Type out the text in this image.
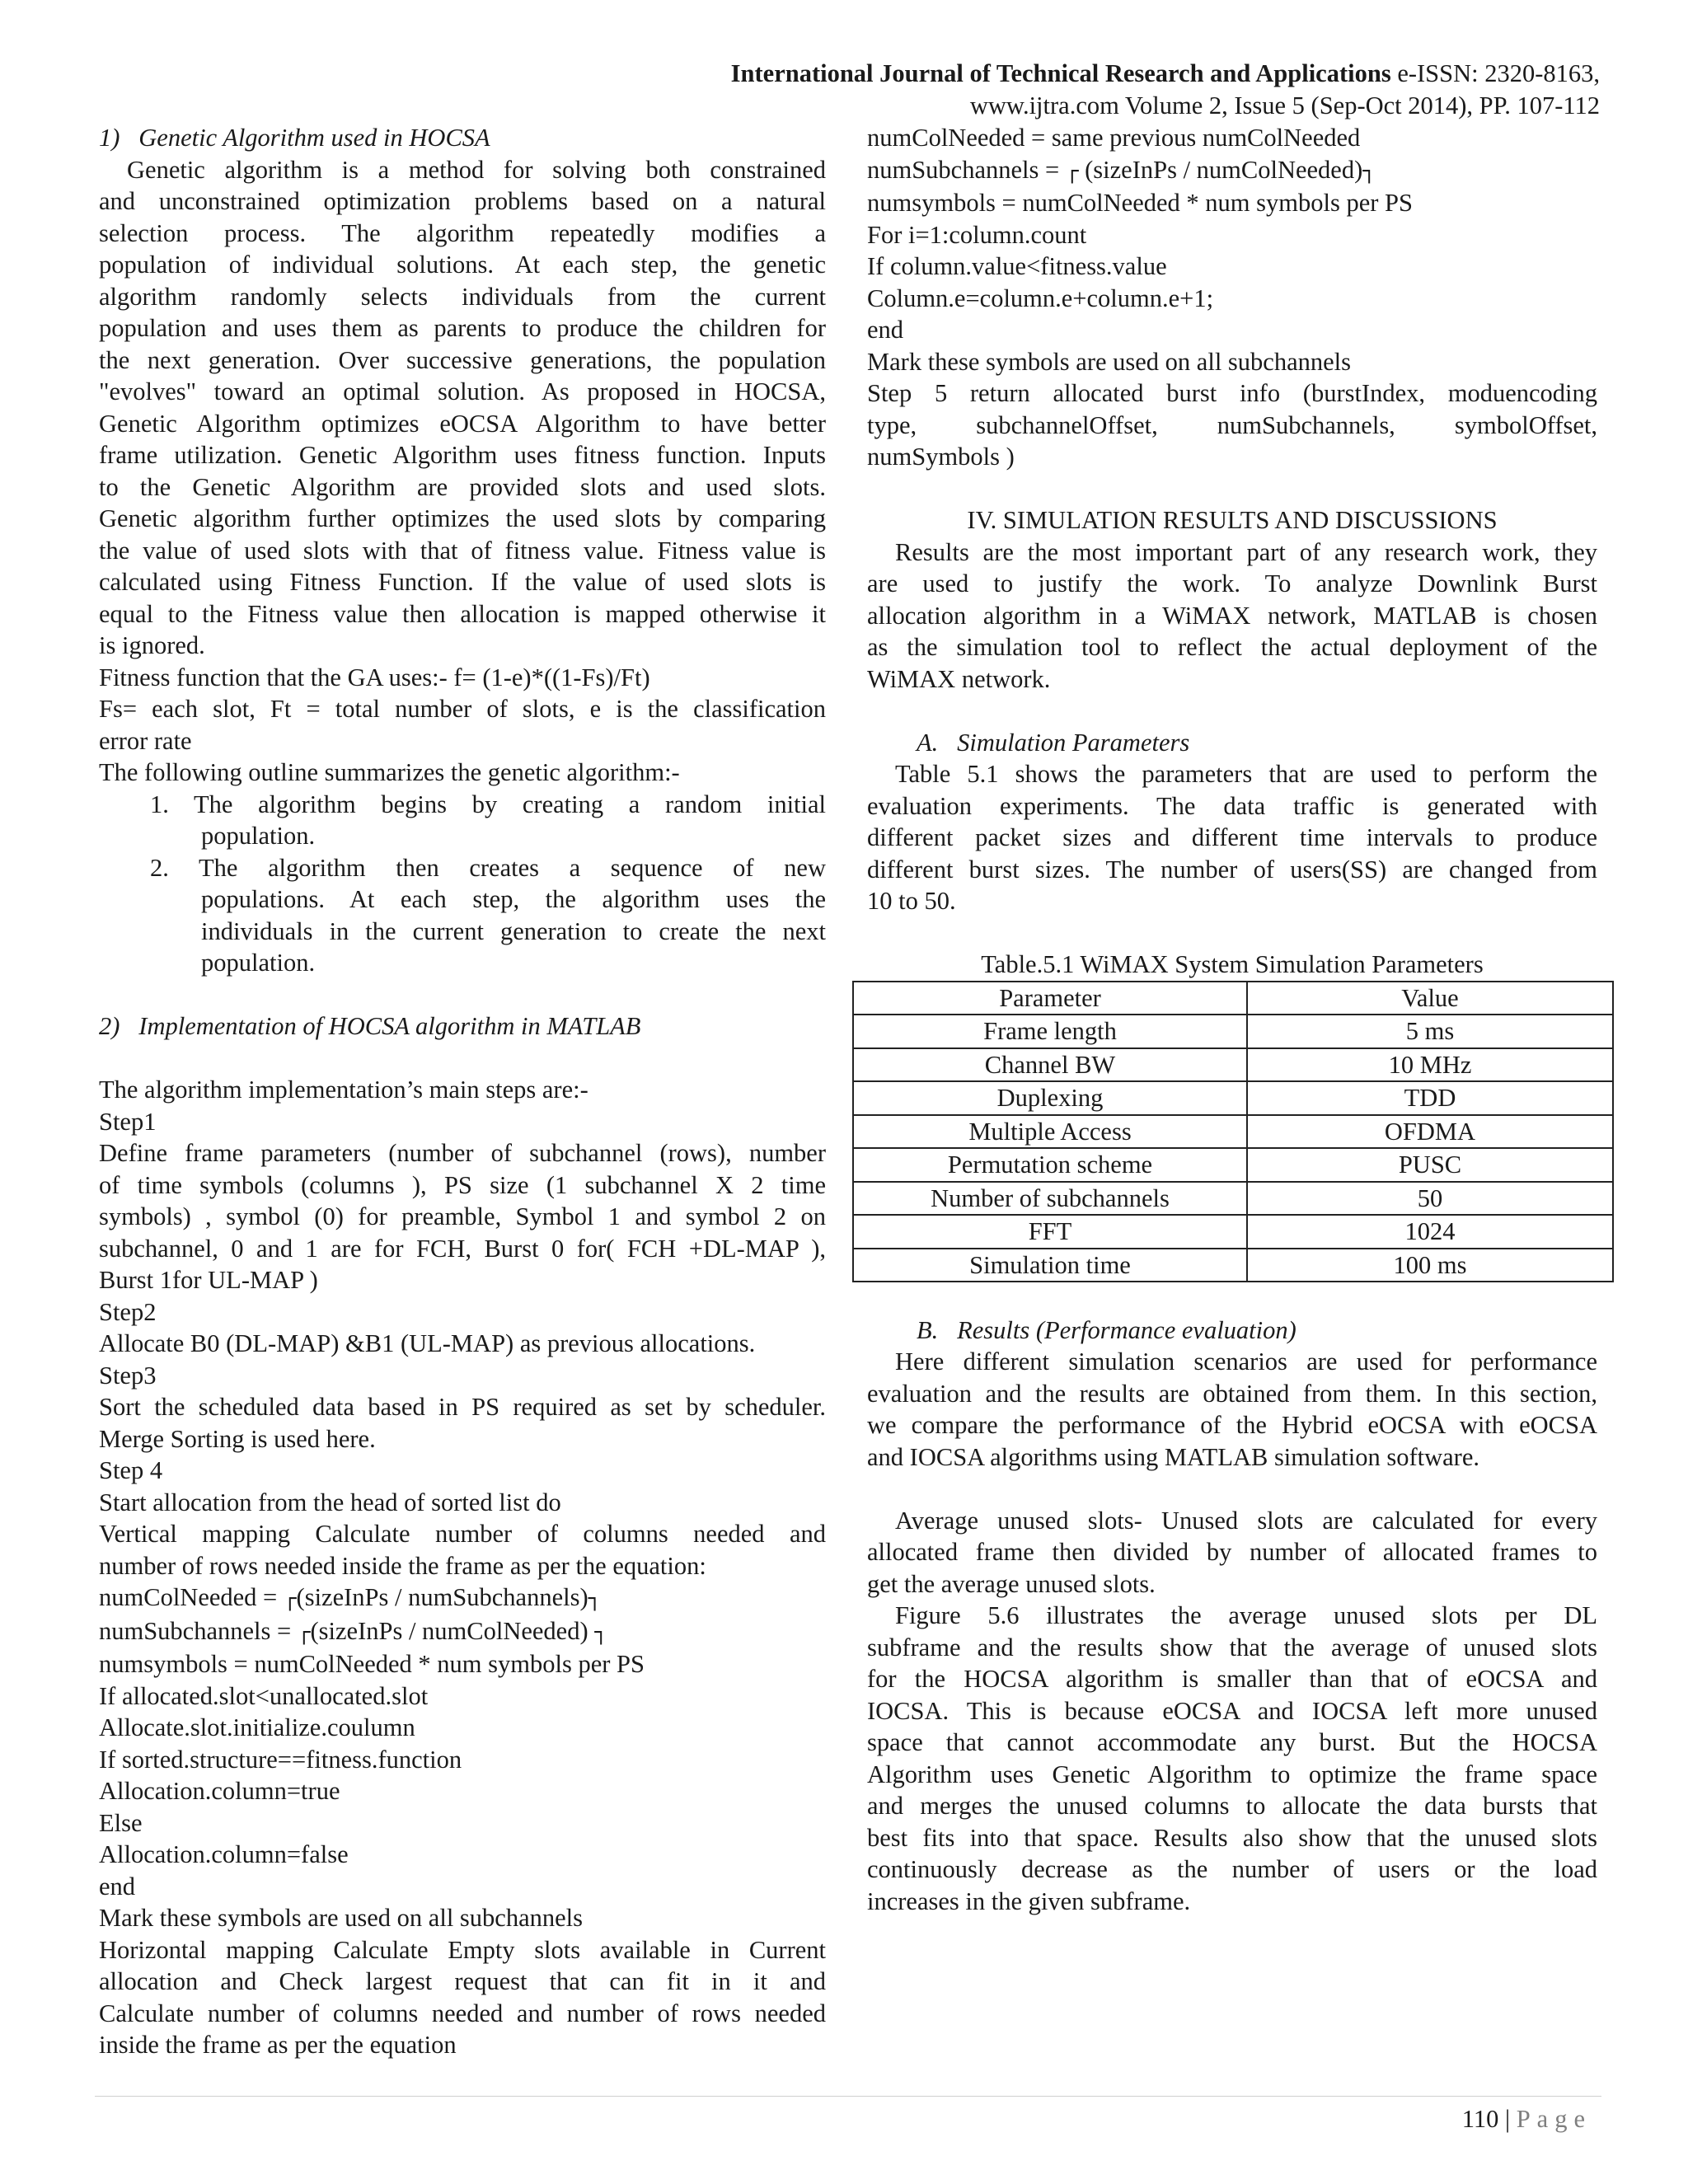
International Journal of Technical Research and Applications e-ISSN: 2320-8163,
www.ijtra.com Volume 2, Issue 5 (Sep-Oct 2014), PP. 107-112

1)  Genetic Algorithm used in HOCSA

Genetic algorithm is a method for solving both constrained

and unconstrained optimization problems based on a natural

selection process. The algorithm repeatedly modifies a

population of individual solutions. At each step, the genetic

algorithm randomly selects individuals from the current

population and uses them as parents to produce the children for

the next generation. Over successive generations, the population

"evolves" toward an optimal solution. As proposed in HOCSA,

Genetic Algorithm optimizes eOCSA Algorithm to have better

frame utilization. Genetic Algorithm uses fitness function. Inputs

to the Genetic Algorithm are provided slots and used slots.

Genetic algorithm further optimizes the used slots by comparing

the value of used slots with that of fitness value. Fitness value is

calculated using Fitness Function. If the value of used slots is

equal to the Fitness value then allocation is mapped otherwise it

is ignored.

Fitness function that the GA uses:- f= (1-e)*((1-Fs)/Ft)

Fs= each slot, Ft = total number of slots, e is the classification

error rate

The following outline summarizes the genetic algorithm:-

1. The algorithm begins by creating a random initial

population.

2. The algorithm then creates a sequence of new

populations. At each step, the algorithm uses the

individuals in the current generation to create the next

population.

2)  Implementation of HOCSA algorithm in MATLAB

The algorithm implementation’s main steps are:-

Step1

Define frame parameters (number of subchannel (rows), number

of time symbols (columns ), PS size (1 subchannel X 2 time

symbols) , symbol (0) for preamble, Symbol 1 and symbol 2 on

subchannel, 0 and 1 are for FCH, Burst 0 for( FCH +DL-MAP ),

Burst 1for UL-MAP )

Step2

Allocate B0 (DL-MAP) &B1 (UL-MAP) as previous allocations.

Step3

Sort the scheduled data based in PS required as set by scheduler.

Merge Sorting is used here.

Step 4

Start allocation from the head of sorted list do

Vertical mapping Calculate number of columns needed and

number of rows needed inside the frame as per the equation:

numColNeeded = ┌(sizeInPs / numSubchannels)┐

numSubchannels = ┌(sizeInPs / numColNeeded) ┐

numsymbols = numColNeeded * num symbols per PS

If allocated.slot<unallocated.slot

Allocate.slot.initialize.coulumn

If sorted.structure==fitness.function

Allocation.column=true

Else

Allocation.column=false

end

Mark these symbols are used on all subchannels

Horizontal mapping Calculate Empty slots available in Current

allocation and Check largest request that can fit in it and

Calculate number of columns needed and number of rows needed

inside the frame as per the equation

numColNeeded = same previous numColNeeded

numSubchannels = ┌ (sizeInPs / numColNeeded)┐

numsymbols = numColNeeded * num symbols per PS

For i=1:column.count

If column.value<fitness.value

Column.e=column.e+column.e+1;

end

Mark these symbols are used on all subchannels

Step 5 return allocated burst info (burstIndex, moduencoding

type, subchannelOffset, numSubchannels, symbolOffset,

numSymbols )

IV. SIMULATION RESULTS AND DISCUSSIONS

Results are the most important part of any research work, they

are used to justify the work. To analyze Downlink Burst

allocation algorithm in a WiMAX network, MATLAB is chosen

as the simulation tool to reflect the actual deployment of the

WiMAX network.

A.  Simulation Parameters

Table 5.1 shows the parameters that are used to perform the

evaluation experiments. The data traffic is generated with

different packet sizes and different time intervals to produce

different burst sizes. The number of users(SS) are changed from

10 to 50.

Table.5.1 WiMAX System Simulation Parameters

Parameter	Value
Frame length	5 ms
Channel BW	10 MHz
Duplexing	TDD
Multiple Access	OFDMA
Permutation scheme	PUSC
Number of subchannels	50
FFT	1024
Simulation time	100 ms

B.  Results (Performance evaluation)

Here different simulation scenarios are used for performance

evaluation and the results are obtained from them. In this section,

we compare the performance of the Hybrid eOCSA with eOCSA

and IOCSA algorithms using MATLAB simulation software.

Average unused slots- Unused slots are calculated for every

allocated frame then divided by number of allocated frames to

get the average unused slots.

Figure 5.6 illustrates the average unused slots per DL

subframe and the results show that the average of unused slots

for the HOCSA algorithm is smaller than that of eOCSA and

IOCSA. This is because eOCSA and IOCSA left more unused

space that cannot accommodate any burst. But the HOCSA

Algorithm uses Genetic Algorithm to optimize the frame space

and merges the unused columns to allocate the data bursts that

best fits into that space. Results also show that the unused slots

continuously decrease as the number of users or the load

increases in the given subframe.

110 | Page
